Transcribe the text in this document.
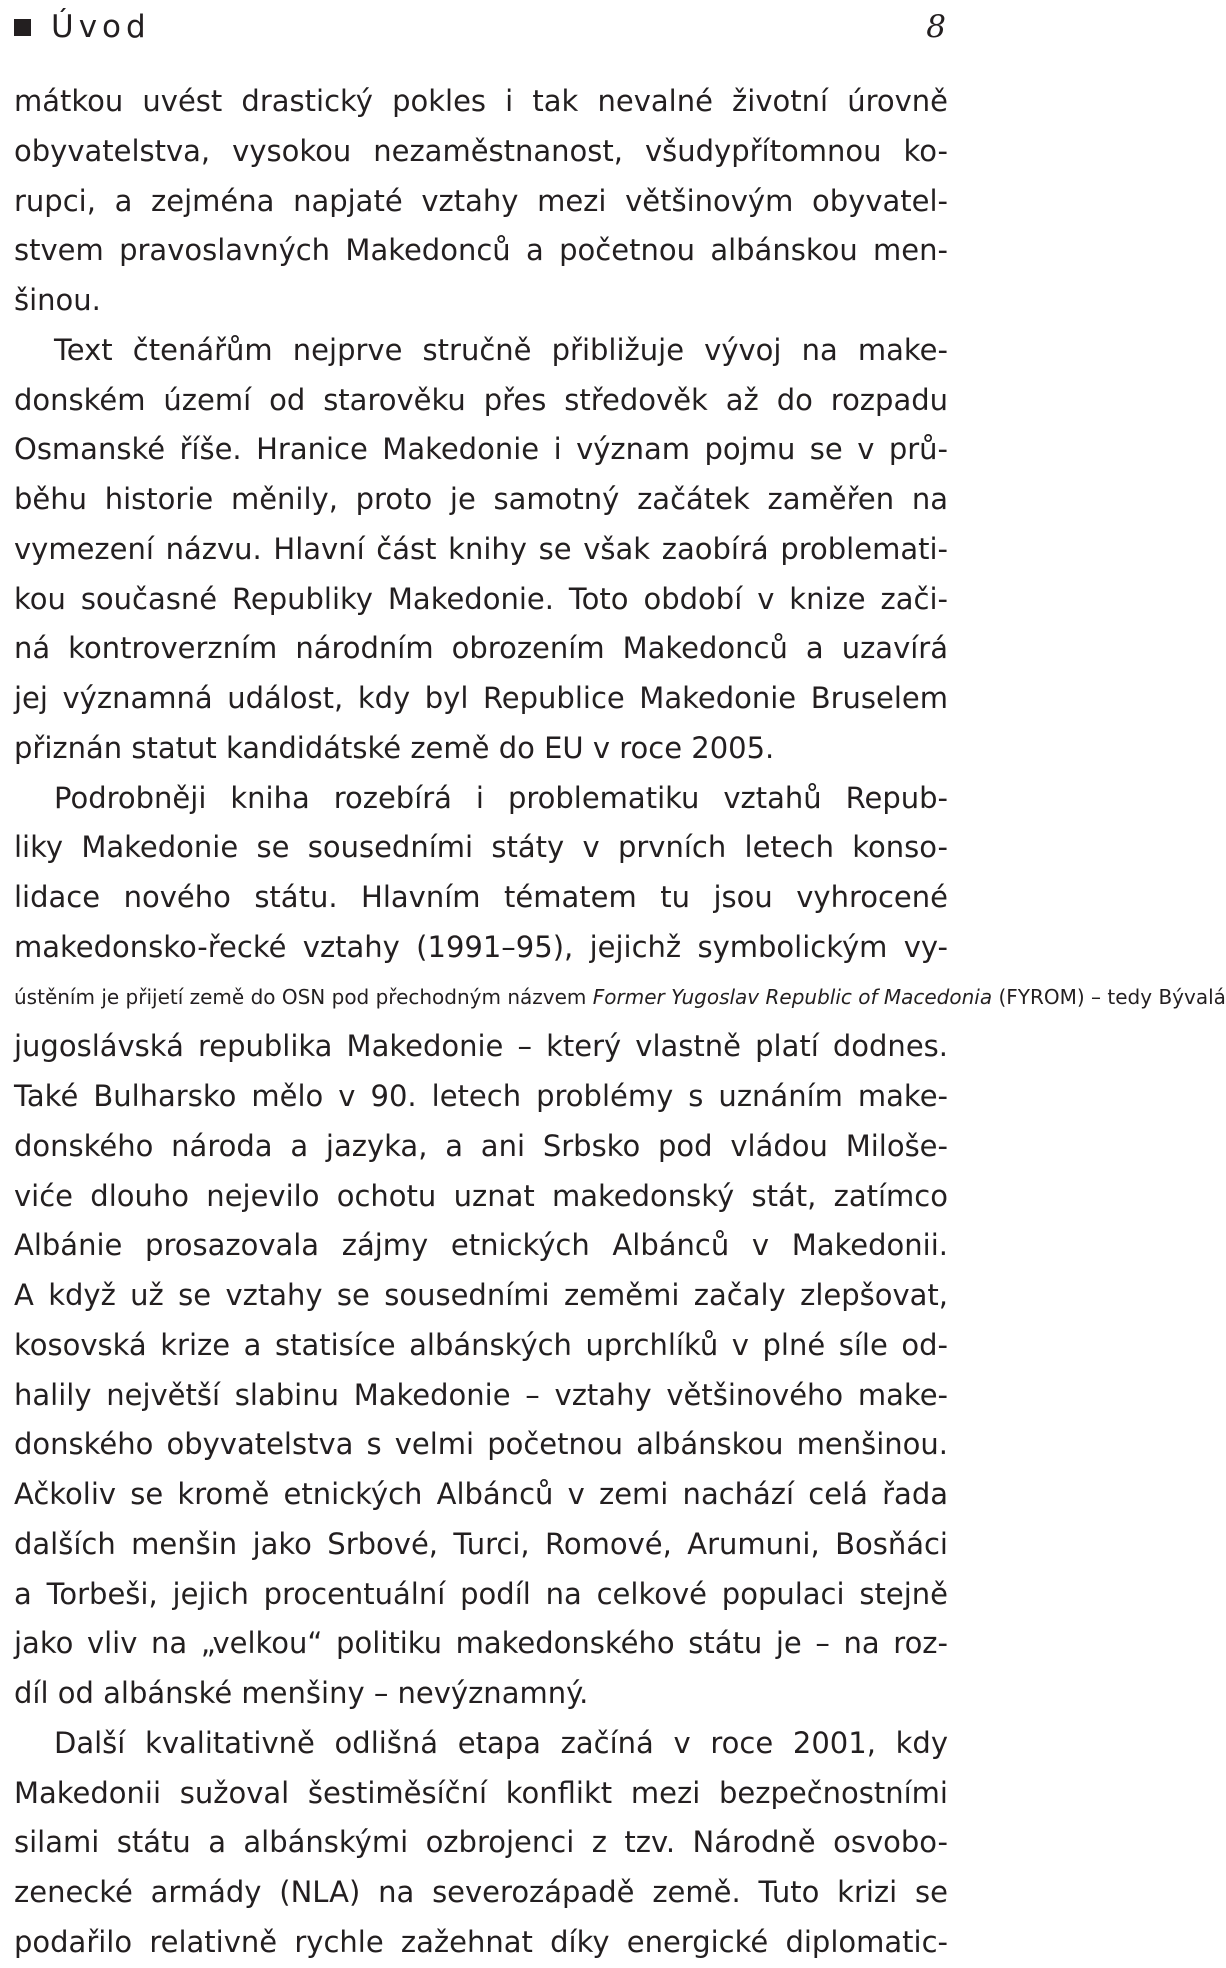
Úvod	8
mátkou uvést drastický pokles i tak nevalné životní úrovně
obyvatelstva, vysokou nezaměstnanost, všudypřítomnou ko-
rupci, a zejména napjaté vztahy mezi většinovým obyvatel-
stvem pravoslavných Makedonců a početnou albánskou men-
šinou.
Text čtenářům nejprve stručně přibližuje vývoj na make-
donském území od starověku přes středověk až do rozpadu
Osmanské říše. Hranice Makedonie i význam pojmu se v prů-
běhu historie měnily, proto je samotný začátek zaměřen na
vymezení názvu. Hlavní část knihy se však zaobírá problemati-
kou současné Republiky Makedonie. Toto období v knize zači-
ná kontroverzním národním obrozením Makedonců a uzavírá
jej významná událost, kdy byl Republice Makedonie Bruselem
přiznán statut kandidátské země do EU v roce 2005.
Podrobněji kniha rozebírá i problematiku vztahů Repub-
liky Makedonie se sousedními státy v prvních letech konso-
lidace nového státu. Hlavním tématem tu jsou vyhrocené
makedonsko-řecké vztahy (1991–95), jejichž symbolickým vy-
ústěním je přijetí země do OSN pod přechodným názvem Former Yugoslav Republic of Macedonia (FYROM) – tedy Bývalá
jugoslávská republika Makedonie – který vlastně platí dodnes.
Také Bulharsko mělo v 90. letech problémy s uznáním make-
donského národa a jazyka, a ani Srbsko pod vládou Miloše-
viće dlouho nejevilo ochotu uznat makedonský stát, zatímco
Albánie prosazovala zájmy etnických Albánců v Makedonii.
A když už se vztahy se sousedními zeměmi začaly zlepšovat,
kosovská krize a statisíce albánských uprchlíků v plné síle od-
halily největší slabinu Makedonie – vztahy většinového make-
donského obyvatelstva s velmi početnou albánskou menšinou.
Ačkoliv se kromě etnických Albánců v zemi nachází celá řada
dalších menšin jako Srbové, Turci, Romové, Arumuni, Bosňáci
a Torbeši, jejich procentuální podíl na celkové populaci stejně
jako vliv na „velkou“ politiku makedonského státu je – na roz-
díl od albánské menšiny – nevýznamný.
Další kvalitativně odlišná etapa začíná v roce 2001, kdy
Makedonii sužoval šestiměsíční konflikt mezi bezpečnostními
silami státu a albánskými ozbrojenci z tzv. Národně osvobo-
zenecké armády (NLA) na severozápadě země. Tuto krizi se
podařilo relativně rychle zažehnat díky energické diplomatic-
